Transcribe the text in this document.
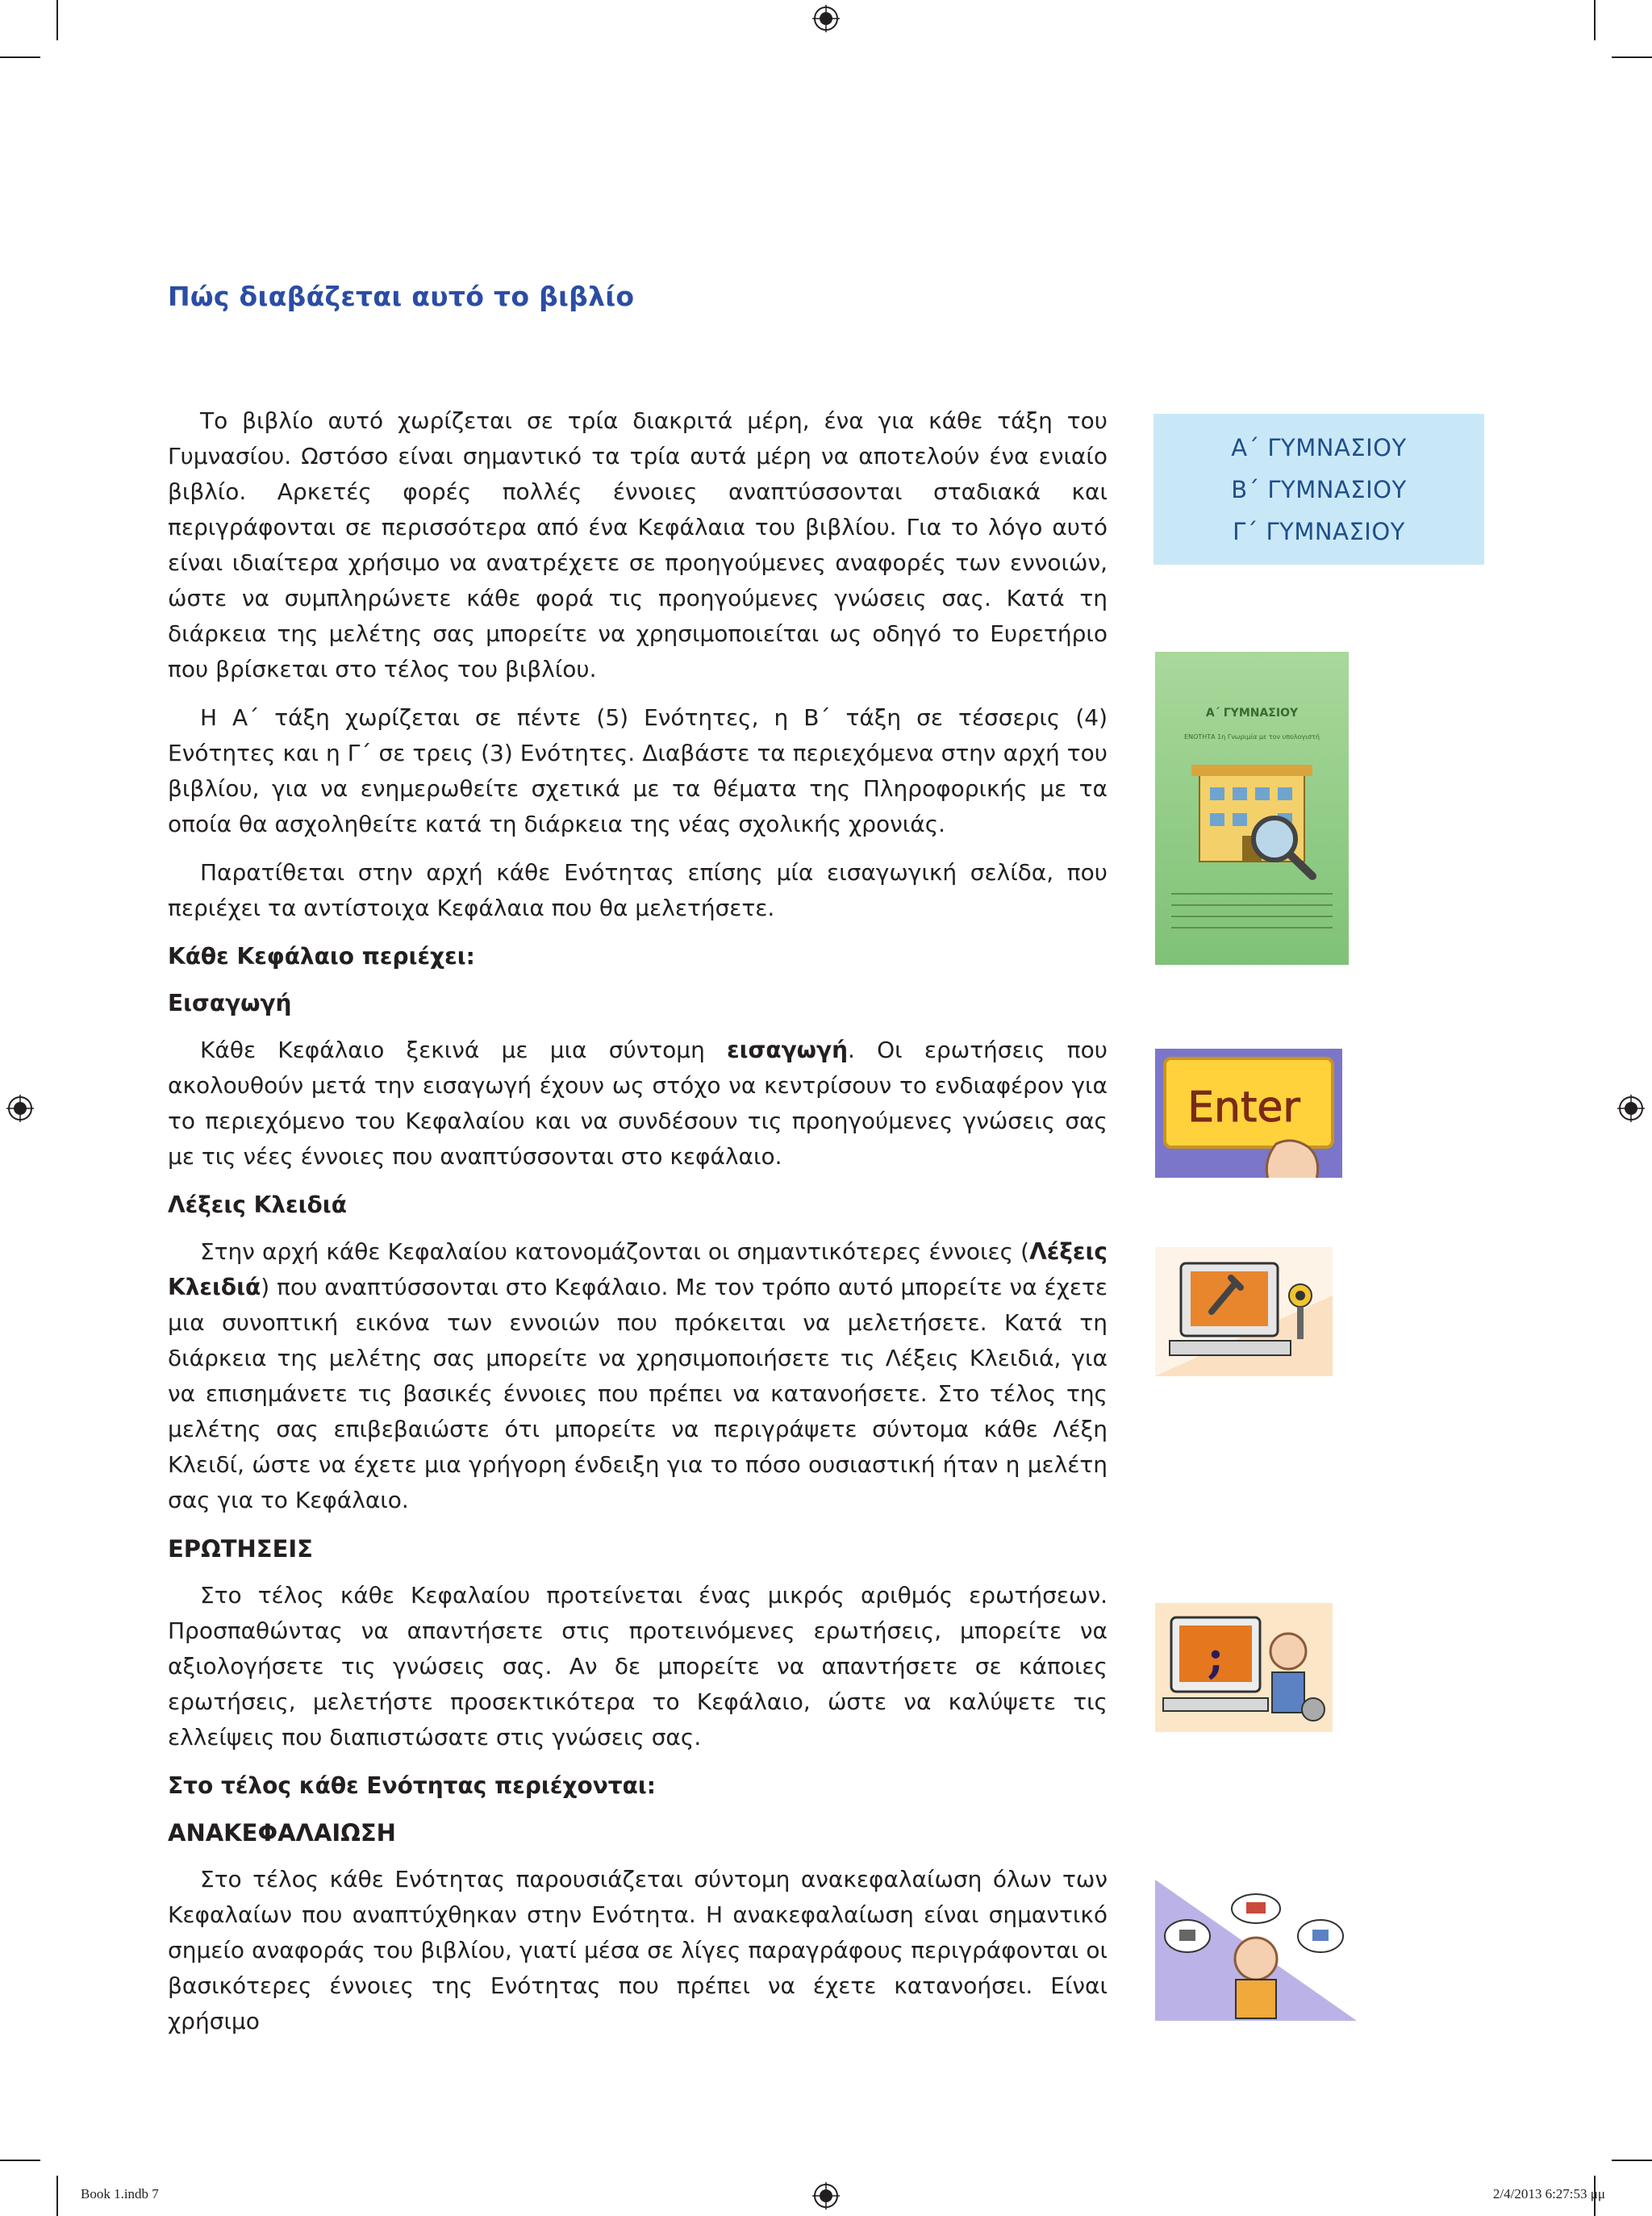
Πώς διαβάζεται αυτό το βιβλίο

Το βιβλίο αυτό χωρίζεται σε τρία διακριτά μέρη, ένα για κάθε τάξη του Γυμνασίου. Ωστόσο είναι σημαντικό τα τρία αυτά μέρη να αποτελούν ένα ενιαίο βιβλίο. Αρκετές φορές πολλές έννοιες αναπτύσσονται σταδιακά και περιγράφονται σε περισσότερα από ένα Κεφάλαια του βιβλίου. Για το λόγο αυτό είναι ιδιαίτερα χρήσιμο να ανατρέχετε σε προηγούμενες αναφορές των εννοιών, ώστε να συμπληρώνετε κάθε φορά τις προηγούμενες γνώσεις σας. Κατά τη διάρκεια της μελέτης σας μπορείτε να χρησιμοποιείται ως οδηγό το Ευρετήριο που βρίσκεται στο τέλος του βιβλίου.

Η Α΄ τάξη χωρίζεται σε πέντε (5) Ενότητες, η Β΄ τάξη σε τέσσερις (4) Ενότητες και η Γ΄ σε τρεις (3) Ενότητες. Διαβάστε τα περιεχόμενα στην αρχή του βιβλίου, για να ενημερωθείτε σχετικά με τα θέματα της Πληροφορικής με τα οποία θα ασχοληθείτε κατά τη διάρκεια της νέας σχολικής χρονιάς.

Παρατίθεται στην αρχή κάθε Ενότητας επίσης μία εισαγωγική σελίδα, που περιέχει τα αντίστοιχα Κεφάλαια που θα μελετήσετε.

Κάθε Κεφάλαιο περιέχει:

Εισαγωγή

Κάθε Κεφάλαιο ξεκινά με μια σύντομη εισαγωγή. Οι ερωτήσεις που ακολουθούν μετά την εισαγωγή έχουν ως στόχο να κεντρίσουν το ενδιαφέρον για το περιεχόμενο του Κεφαλαίου και να συνδέσουν τις προηγούμενες γνώσεις σας με τις νέες έννοιες που αναπτύσσονται στο κεφάλαιο.

Λέξεις Κλειδιά

Στην αρχή κάθε Κεφαλαίου κατονομάζονται οι σημαντικότερες έννοιες (Λέξεις Κλειδιά) που αναπτύσσονται στο Κεφάλαιο. Με τον τρόπο αυτό μπορείτε να έχετε μια συνοπτική εικόνα των εννοιών που πρόκειται να μελετήσετε. Κατά τη διάρκεια της μελέτης σας μπορείτε να χρησιμοποιήσετε τις Λέξεις Κλειδιά, για να επισημάνετε τις βασικές έννοιες που πρέπει να κατανοήσετε. Στο τέλος της μελέτης σας επιβεβαιώστε ότι μπορείτε να περιγράψετε σύντομα κάθε Λέξη Κλειδί, ώστε να έχετε μια γρήγορη ένδειξη για το πόσο ουσιαστική ήταν η μελέτη σας για το Κεφάλαιο.

ΕΡΩΤΗΣΕΙΣ

Στο τέλος κάθε Κεφαλαίου προτείνεται ένας μικρός αριθμός ερωτήσεων. Προσπαθώντας να απαντήσετε στις προτεινόμενες ερωτήσεις, μπορείτε να αξιολογήσετε τις γνώσεις σας. Αν δε μπορείτε να απαντήσετε σε κάποιες ερωτήσεις, μελετήστε προσεκτικότερα το Κεφάλαιο, ώστε να καλύψετε τις ελλείψεις που διαπιστώσατε στις γνώσεις σας.

Στο τέλος κάθε Ενότητας περιέχονται:

ΑΝΑΚΕΦΑΛΑΙΩΣΗ

Στο τέλος κάθε Ενότητας παρουσιάζεται σύντομη ανακεφαλαίωση όλων των Κεφαλαίων που αναπτύχθηκαν στην Ενότητα. Η ανακεφαλαίωση είναι σημαντικό σημείο αναφοράς του βιβλίου, γιατί μέσα σε λίγες παραγράφους περιγράφονται οι βασικότερες έννοιες της Ενότητας που πρέπει να έχετε κατανοήσει. Είναι χρήσιμο

Α΄ ΓΥΜΝΑΣΙΟΥ
Β΄ ΓΥΜΝΑΣΙΟΥ
Γ΄ ΓΥΜΝΑΣΙΟΥ
Α΄ ΓΥΜΝΑΣΙΟΥ
ΕΝΟΤΗΤΑ 1η Γνωριμία με τον υπολογιστή
Enter
;
Book 1.indb 7	2/4/2013 6:27:53 μμ
